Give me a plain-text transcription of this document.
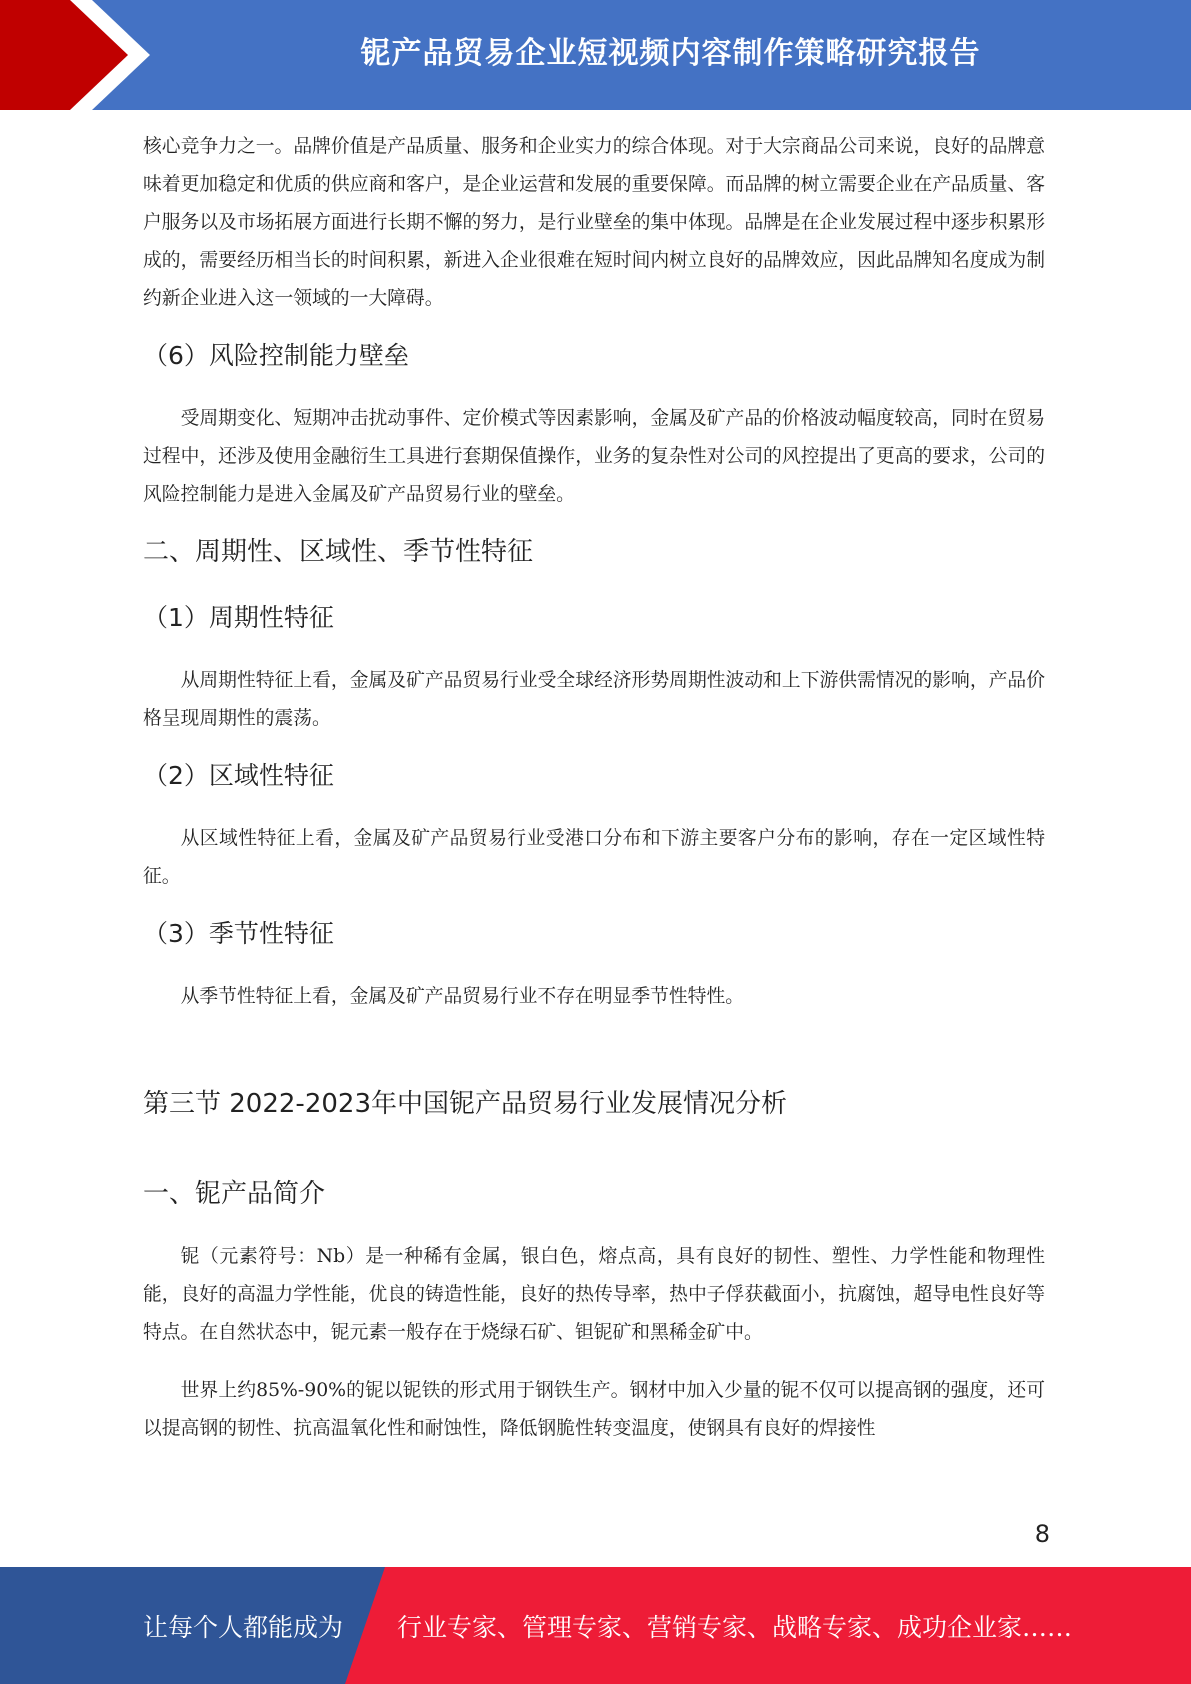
铌产品贸易企业短视频内容制作策略研究报告

核心竞争力之一。品牌价值是产品质量、服务和企业实力的综合体现。对于大宗商品公司来说，良好的品牌意味着更加稳定和优质的供应商和客户，是企业运营和发展的重要保障。而品牌的树立需要企业在产品质量、客户服务以及市场拓展方面进行长期不懈的努力，是行业壁垒的集中体现。品牌是在企业发展过程中逐步积累形成的，需要经历相当长的时间积累，新进入企业很难在短时间内树立良好的品牌效应，因此品牌知名度成为制约新企业进入这一领域的一大障碍。

（6）风险控制能力壁垒

受周期变化、短期冲击扰动事件、定价模式等因素影响，金属及矿产品的价格波动幅度较高，同时在贸易过程中，还涉及使用金融衍生工具进行套期保值操作，业务的复杂性对公司的风控提出了更高的要求，公司的风险控制能力是进入金属及矿产品贸易行业的壁垒。

二、周期性、区域性、季节性特征
（1）周期性特征

从周期性特征上看，金属及矿产品贸易行业受全球经济形势周期性波动和上下游供需情况的影响，产品价格呈现周期性的震荡。

（2）区域性特征

从区域性特征上看，金属及矿产品贸易行业受港口分布和下游主要客户分布的影响，存在一定区域性特征。

（3）季节性特征

从季节性特征上看，金属及矿产品贸易行业不存在明显季节性特性。

第三节 2022-2023年中国铌产品贸易行业发展情况分析
一、铌产品简介

铌（元素符号：Nb）是一种稀有金属，银白色，熔点高，具有良好的韧性、塑性、力学性能和物理性能，良好的高温力学性能，优良的铸造性能，良好的热传导率，热中子俘获截面小，抗腐蚀，超导电性良好等特点。在自然状态中，铌元素一般存在于烧绿石矿、钽铌矿和黑稀金矿中。

世界上约85%-90%的铌以铌铁的形式用于钢铁生产。钢材中加入少量的铌不仅可以提高钢的强度，还可以提高钢的韧性、抗高温氧化性和耐蚀性，降低钢脆性转变温度，使钢具有良好的焊接性

8
让每个人都能成为 行业专家、管理专家、营销专家、战略专家、成功企业家……
